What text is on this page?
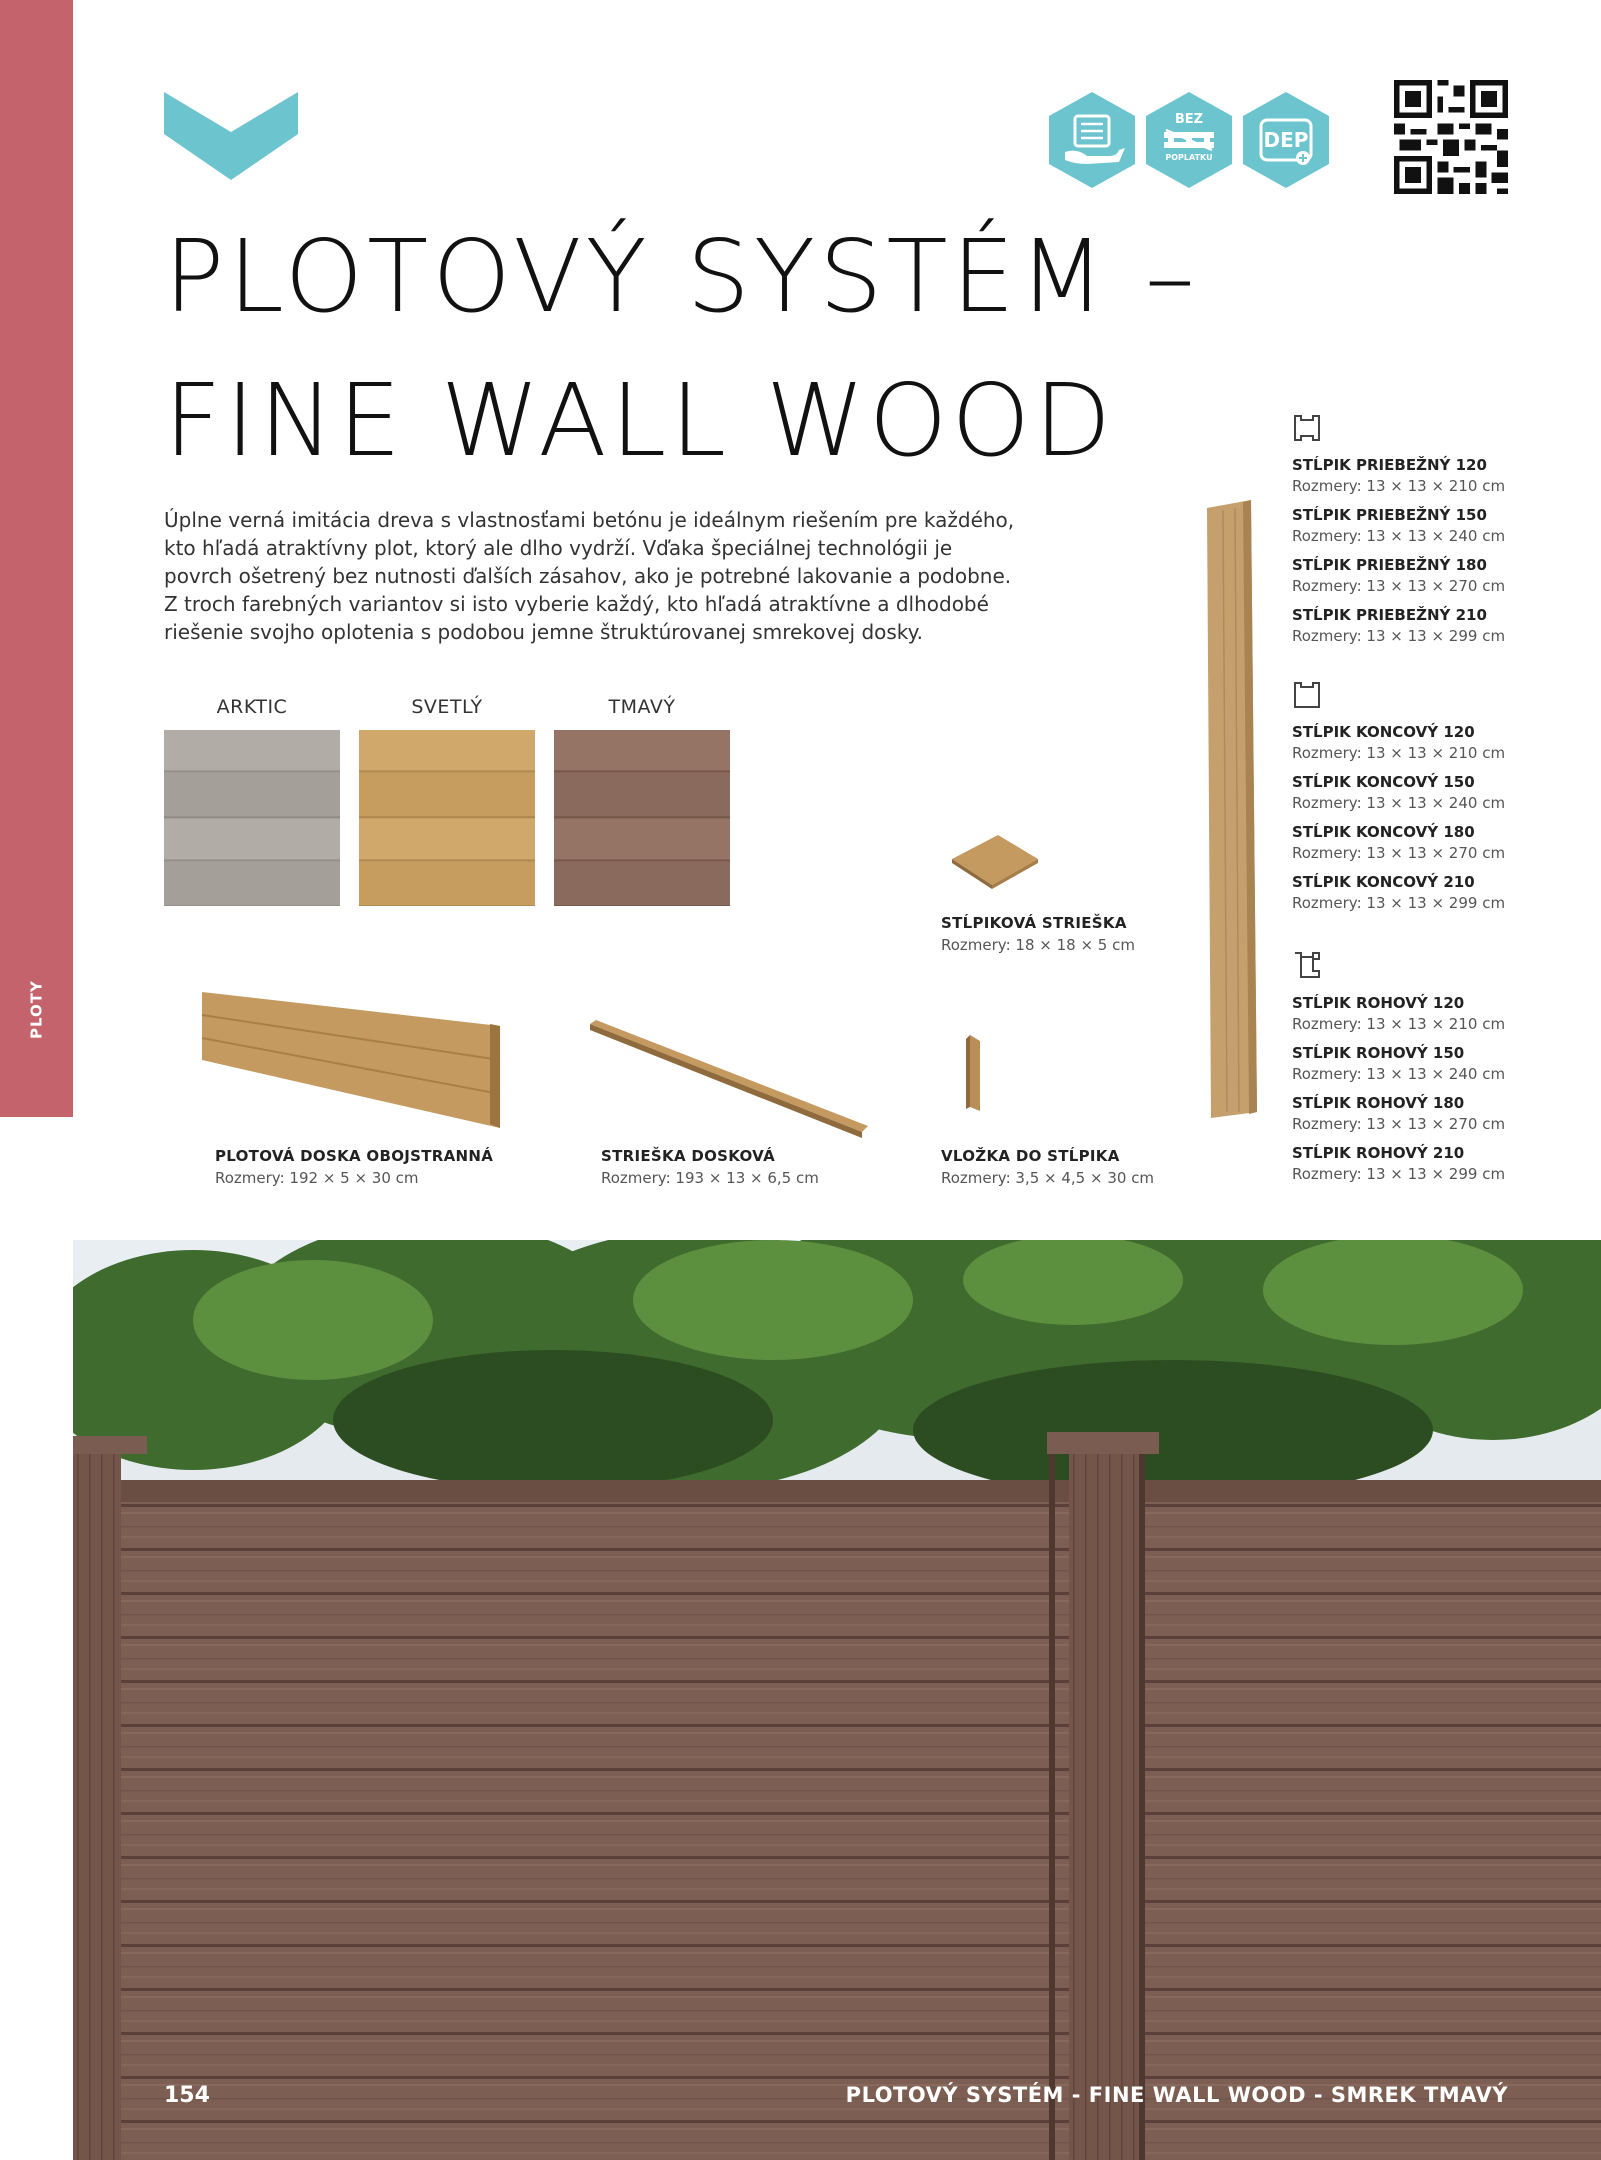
PLOTY
BEZ
POPLATKU
DEP
PLOTOVÝ SYSTÉM –
FINE WALL WOOD
Úplne verná imitácia dreva s vlastnosťami betónu je ideálnym riešením pre každého, kto hľadá atraktívny plot, ktorý ale dlho vydrží. Vďaka špeciálnej technológii je povrch ošetrený bez nutnosti ďalších zásahov, ako je potrebné lakovanie a podobne. Z troch farebných variantov si isto vyberie každý, kto hľadá atraktívne a dlhodobé riešenie svojho oplotenia s podobou jemne štruktúrovanej smrekovej dosky.
ARKTIC	SVETLÝ	TMAVÝ
STĹPIKOVÁ STRIEŠKA
Rozmery: 18 × 18 × 5 cm
PLOTOVÁ DOSKA OBOJSTRANNÁ
Rozmery: 192 × 5 × 30 cm
STRIEŠKA DOSKOVÁ
Rozmery: 193 × 13 × 6,5 cm
VLOŽKA DO STĹPIKA
Rozmery: 3,5 × 4,5 × 30 cm
STĹPIK PRIEBEŽNÝ 120
Rozmery: 13 × 13 × 210 cm
STĹPIK PRIEBEŽNÝ 150
Rozmery: 13 × 13 × 240 cm
STĹPIK PRIEBEŽNÝ 180
Rozmery: 13 × 13 × 270 cm
STĹPIK PRIEBEŽNÝ 210
Rozmery: 13 × 13 × 299 cm
STĹPIK KONCOVÝ 120
Rozmery: 13 × 13 × 210 cm
STĹPIK KONCOVÝ 150
Rozmery: 13 × 13 × 240 cm
STĹPIK KONCOVÝ 180
Rozmery: 13 × 13 × 270 cm
STĹPIK KONCOVÝ 210
Rozmery: 13 × 13 × 299 cm
STĹPIK ROHOVÝ 120
Rozmery: 13 × 13 × 210 cm
STĹPIK ROHOVÝ 150
Rozmery: 13 × 13 × 240 cm
STĹPIK ROHOVÝ 180
Rozmery: 13 × 13 × 270 cm
STĹPIK ROHOVÝ 210
Rozmery: 13 × 13 × 299 cm
154	PLOTOVÝ SYSTÉM - FINE WALL WOOD - SMREK TMAVÝ
